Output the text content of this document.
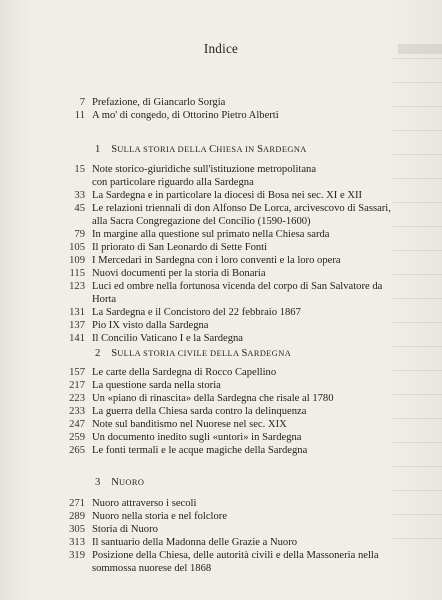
Indice
7 Prefazione, di Giancarlo Sorgia
11 A mo' di congedo, di Ottorino Pietro Alberti
1 SULLA STORIA DELLA CHIESA IN SARDEGNA
15 Note storico-giuridiche sull'istituzione metropolitana
con particolare riguardo alla Sardegna
33 La Sardegna e in particolare la diocesi di Bosa nei sec. XI e XII
45 Le relazioni triennali di don Alfonso De Lorca, arcivescovo di Sassari,
alla Sacra Congregazione del Concilio (1590-1600)
79 In margine alla questione sul primato nella Chiesa sarda
105 Il priorato di San Leonardo di Sette Fonti
109 I Mercedari in Sardegna con i loro conventi e la loro opera
115 Nuovi documenti per la storia di Bonaria
123 Luci ed ombre nella fortunosa vicenda del corpo di San Salvatore da
Horta
131 La Sardegna e il Concistoro del 22 febbraio 1867
137 Pio IX visto dalla Sardegna
141 Il Concilio Vaticano I e la Sardegna
2 SULLA STORIA CIVILE DELLA SARDEGNA
157 Le carte della Sardegna di Rocco Capellino
217 La questione sarda nella storia
223 Un «piano di rinascita» della Sardegna che risale al 1780
233 La guerra della Chiesa sarda contro la delinquenza
247 Note sul banditismo nel Nuorese nel sec. XIX
259 Un documento inedito sugli «untori» in Sardegna
265 Le fonti termali e le acque magiche della Sardegna
3 NUORO
271 Nuoro attraverso i secoli
289 Nuoro nella storia e nel folclore
305 Storia di Nuoro
313 Il santuario della Madonna delle Grazie a Nuoro
319 Posizione della Chiesa, delle autorità civili e della Massoneria nella
sommossa nuorese del 1868
